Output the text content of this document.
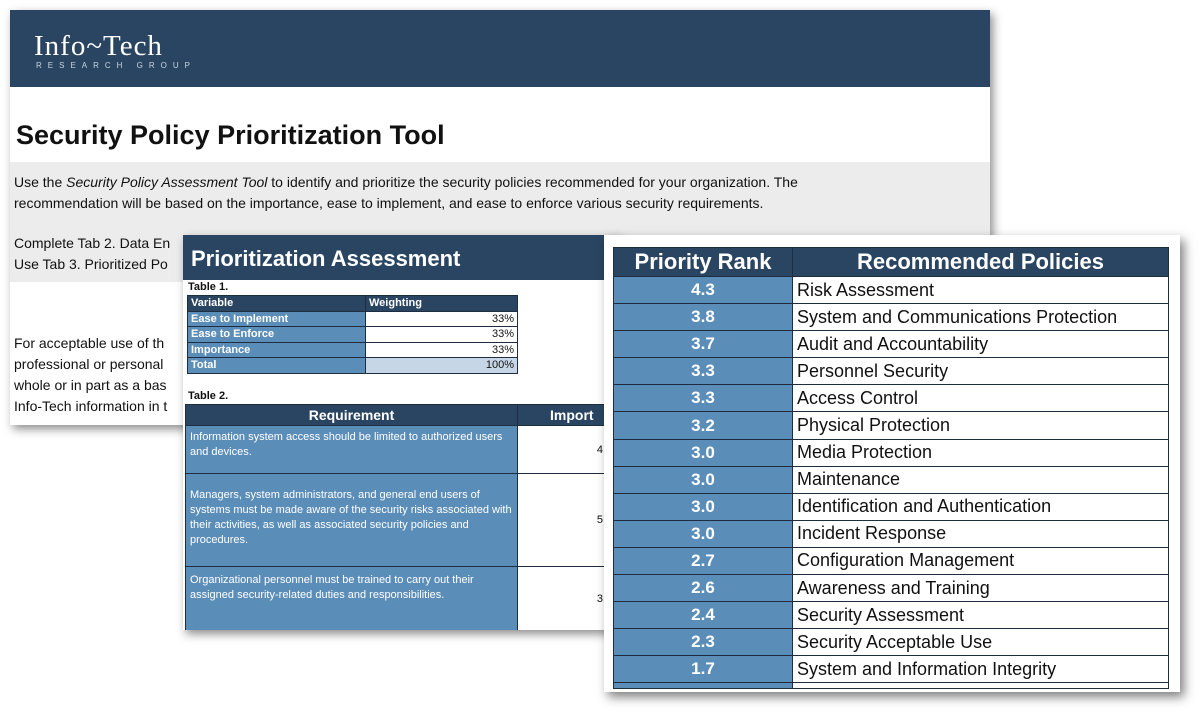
Info~Tech
RESEARCH GROUP
Security Policy Prioritization Tool
Use the Security Policy Assessment Tool to identify and prioritize the security policies recommended for your organization. The
recommendation will be based on the importance, ease to implement, and ease to enforce various security requirements.
Complete Tab 2. Data En
Use Tab 3. Prioritized Po
For acceptable use of th
professional or personal
whole or in part as a bas
Info-Tech information in t
Prioritization Assessment
Table 1.
Variable	Weighting
Ease to Implement	33%
Ease to Enforce	33%
Importance	33%
Total	100%
Table 2.
Requirement	Import
Information system access should be limited to authorized users and devices.	4
Managers, system administrators, and general end users of systems must be made aware of the security risks associated with their activities, as well as associated security policies and procedures.	5
Organizational personnel must be trained to carry out their assigned security-related duties and responsibilities.	3
Priority Rank	Recommended Policies
4.3	Risk Assessment
3.8	System and Communications Protection
3.7	Audit and Accountability
3.3	Personnel Security
3.3	Access Control
3.2	Physical Protection
3.0	Media Protection
3.0	Maintenance
3.0	Identification and Authentication
3.0	Incident Response
2.7	Configuration Management
2.6	Awareness and Training
2.4	Security Assessment
2.3	Security Acceptable Use
1.7	System and Information Integrity
